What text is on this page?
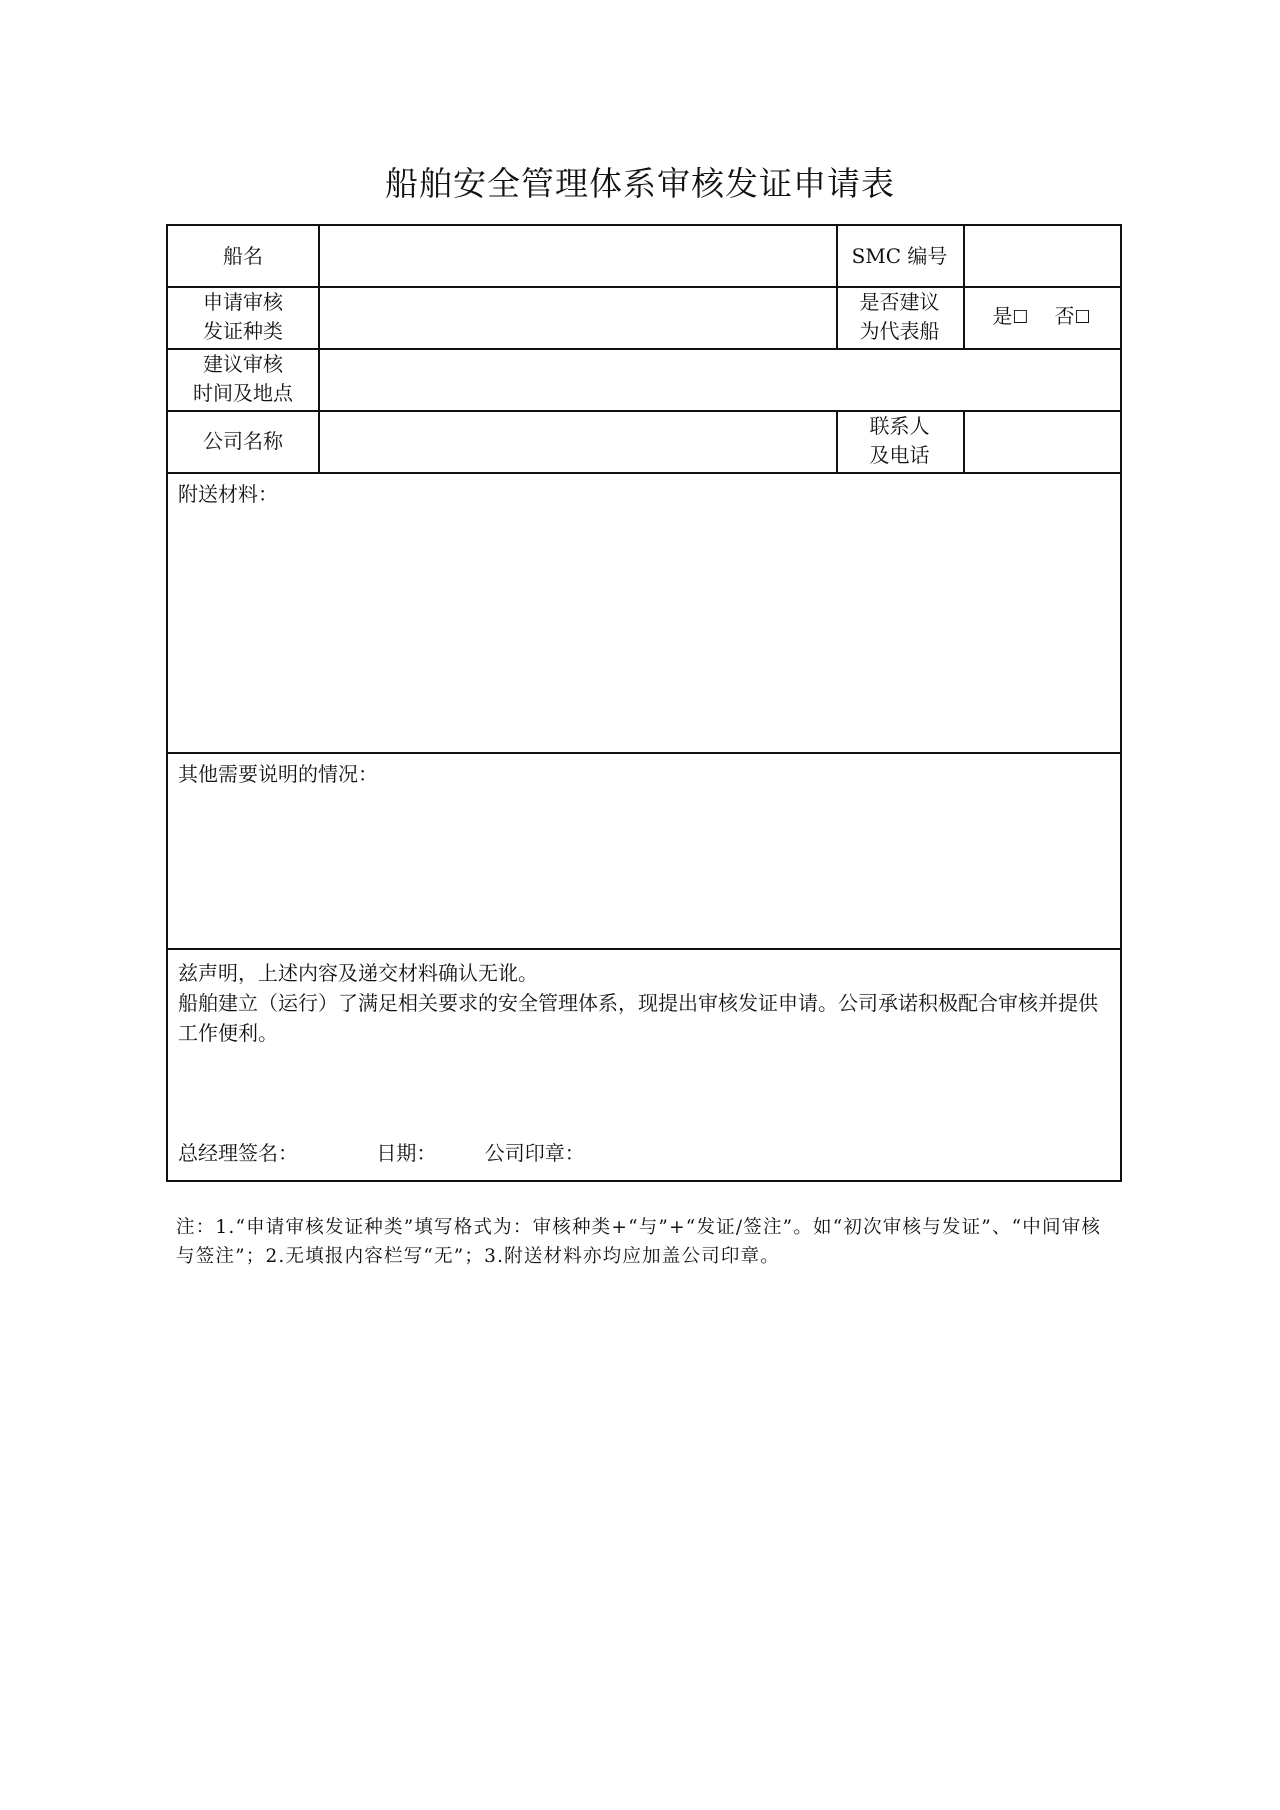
船舶安全管理体系审核发证申请表
船名	SMC 编号
申请审核
发证种类
是否建议
为代表船
是☐ 否☐
建议审核
时间及地点
公司名称
联系人
及电话
附送材料：
其他需要说明的情况：
兹声明，上述内容及递交材料确认无讹。
船舶建立（运行）了满足相关要求的安全管理体系，现提出审核发证申请。公司承诺积极配合审核并提供工作便利。
总经理签名：	日期： 公司印章：
注：1.“申请审核发证种类”填写格式为：审核种类+“与”+“发证/签注”。如“初次审核与发证”、“中间审核与签注”；2.无填报内容栏写“无”；3.附送材料亦均应加盖公司印章。
